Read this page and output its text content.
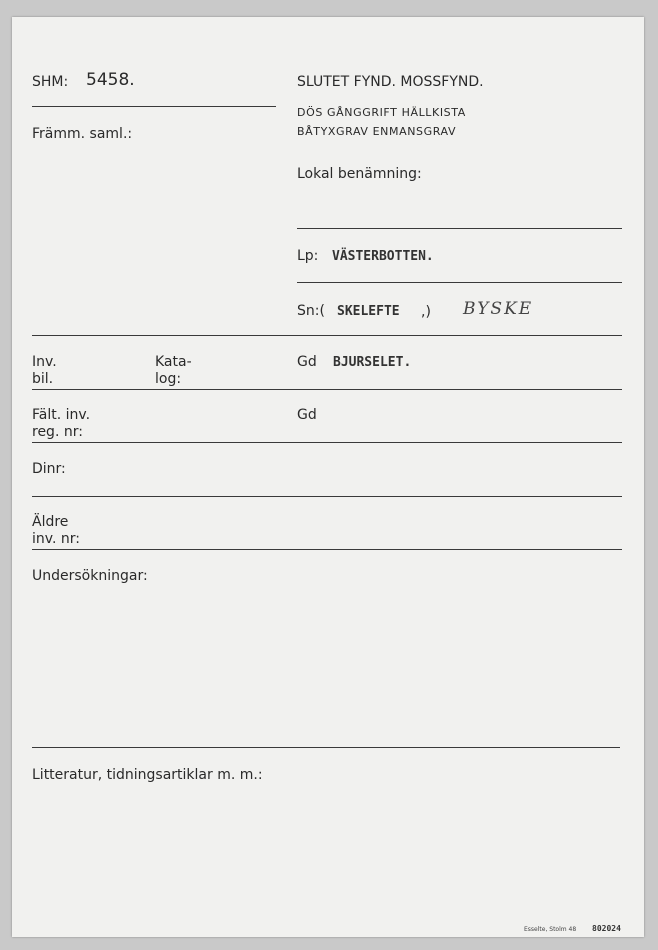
SHM: 5458.
Främm. saml.:
SLUTET FYND. MOSSFYND.
DÖS GÅNGGRIFT HÄLLKISTA
BÅTYXGRAV ENMANSGRAV
Lokal benämning:
Lp: VÄSTERBOTTEN.
Sn:( SKELEFTE ,) BYSKE
Inv.
bil.
Kata-
log:
Gd BJURSELET.
Fält. inv.
reg. nr:
Gd
Dinr:
Äldre
inv. nr:
Undersökningar:
Litteratur, tidningsartiklar m. m.:
Esselte, Stolm 48 802024
